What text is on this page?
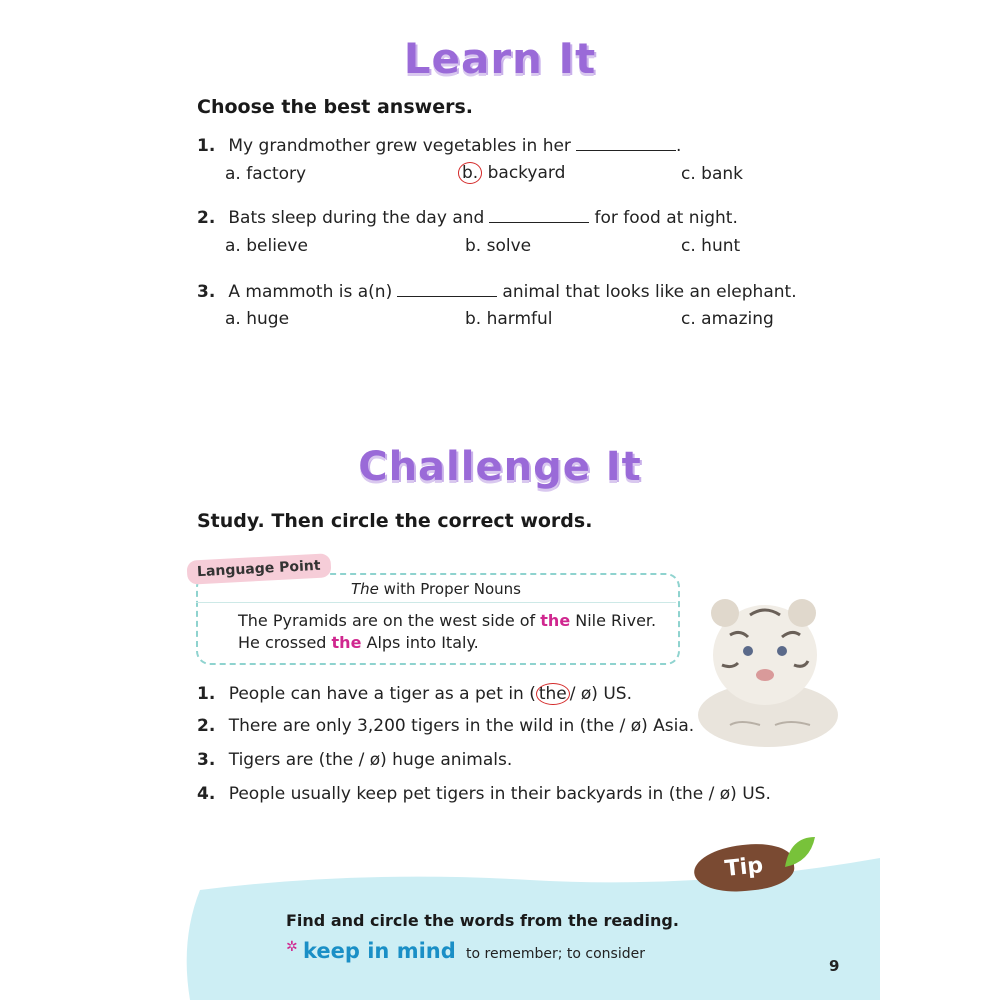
Learn It
Choose the best answers.
1. My grandmother grew vegetables in her	.
a. factory	b. backyard	c. bank
2. Bats sleep during the day and	for food at night.
a. believe	b. solve	c. hunt
3. A mammoth is a(n)	animal that looks like an elephant.
a. huge	b. harmful	c. amazing
Challenge It
Study. Then circle the correct words.
Language Point
The with Proper Nouns
The Pyramids are on the west side of the Nile River.
He crossed the Alps into Italy.
1. People can have a tiger as a pet in ( the / ø) US.
2. There are only 3,200 tigers in the wild in (the / ø) Asia.
3. Tigers are (the / ø) huge animals.
4. People usually keep pet tigers in their backyards in (the / ø) US.
Tip
Find and circle the words from the reading.
✲ keep in mind to remember; to consider
9
